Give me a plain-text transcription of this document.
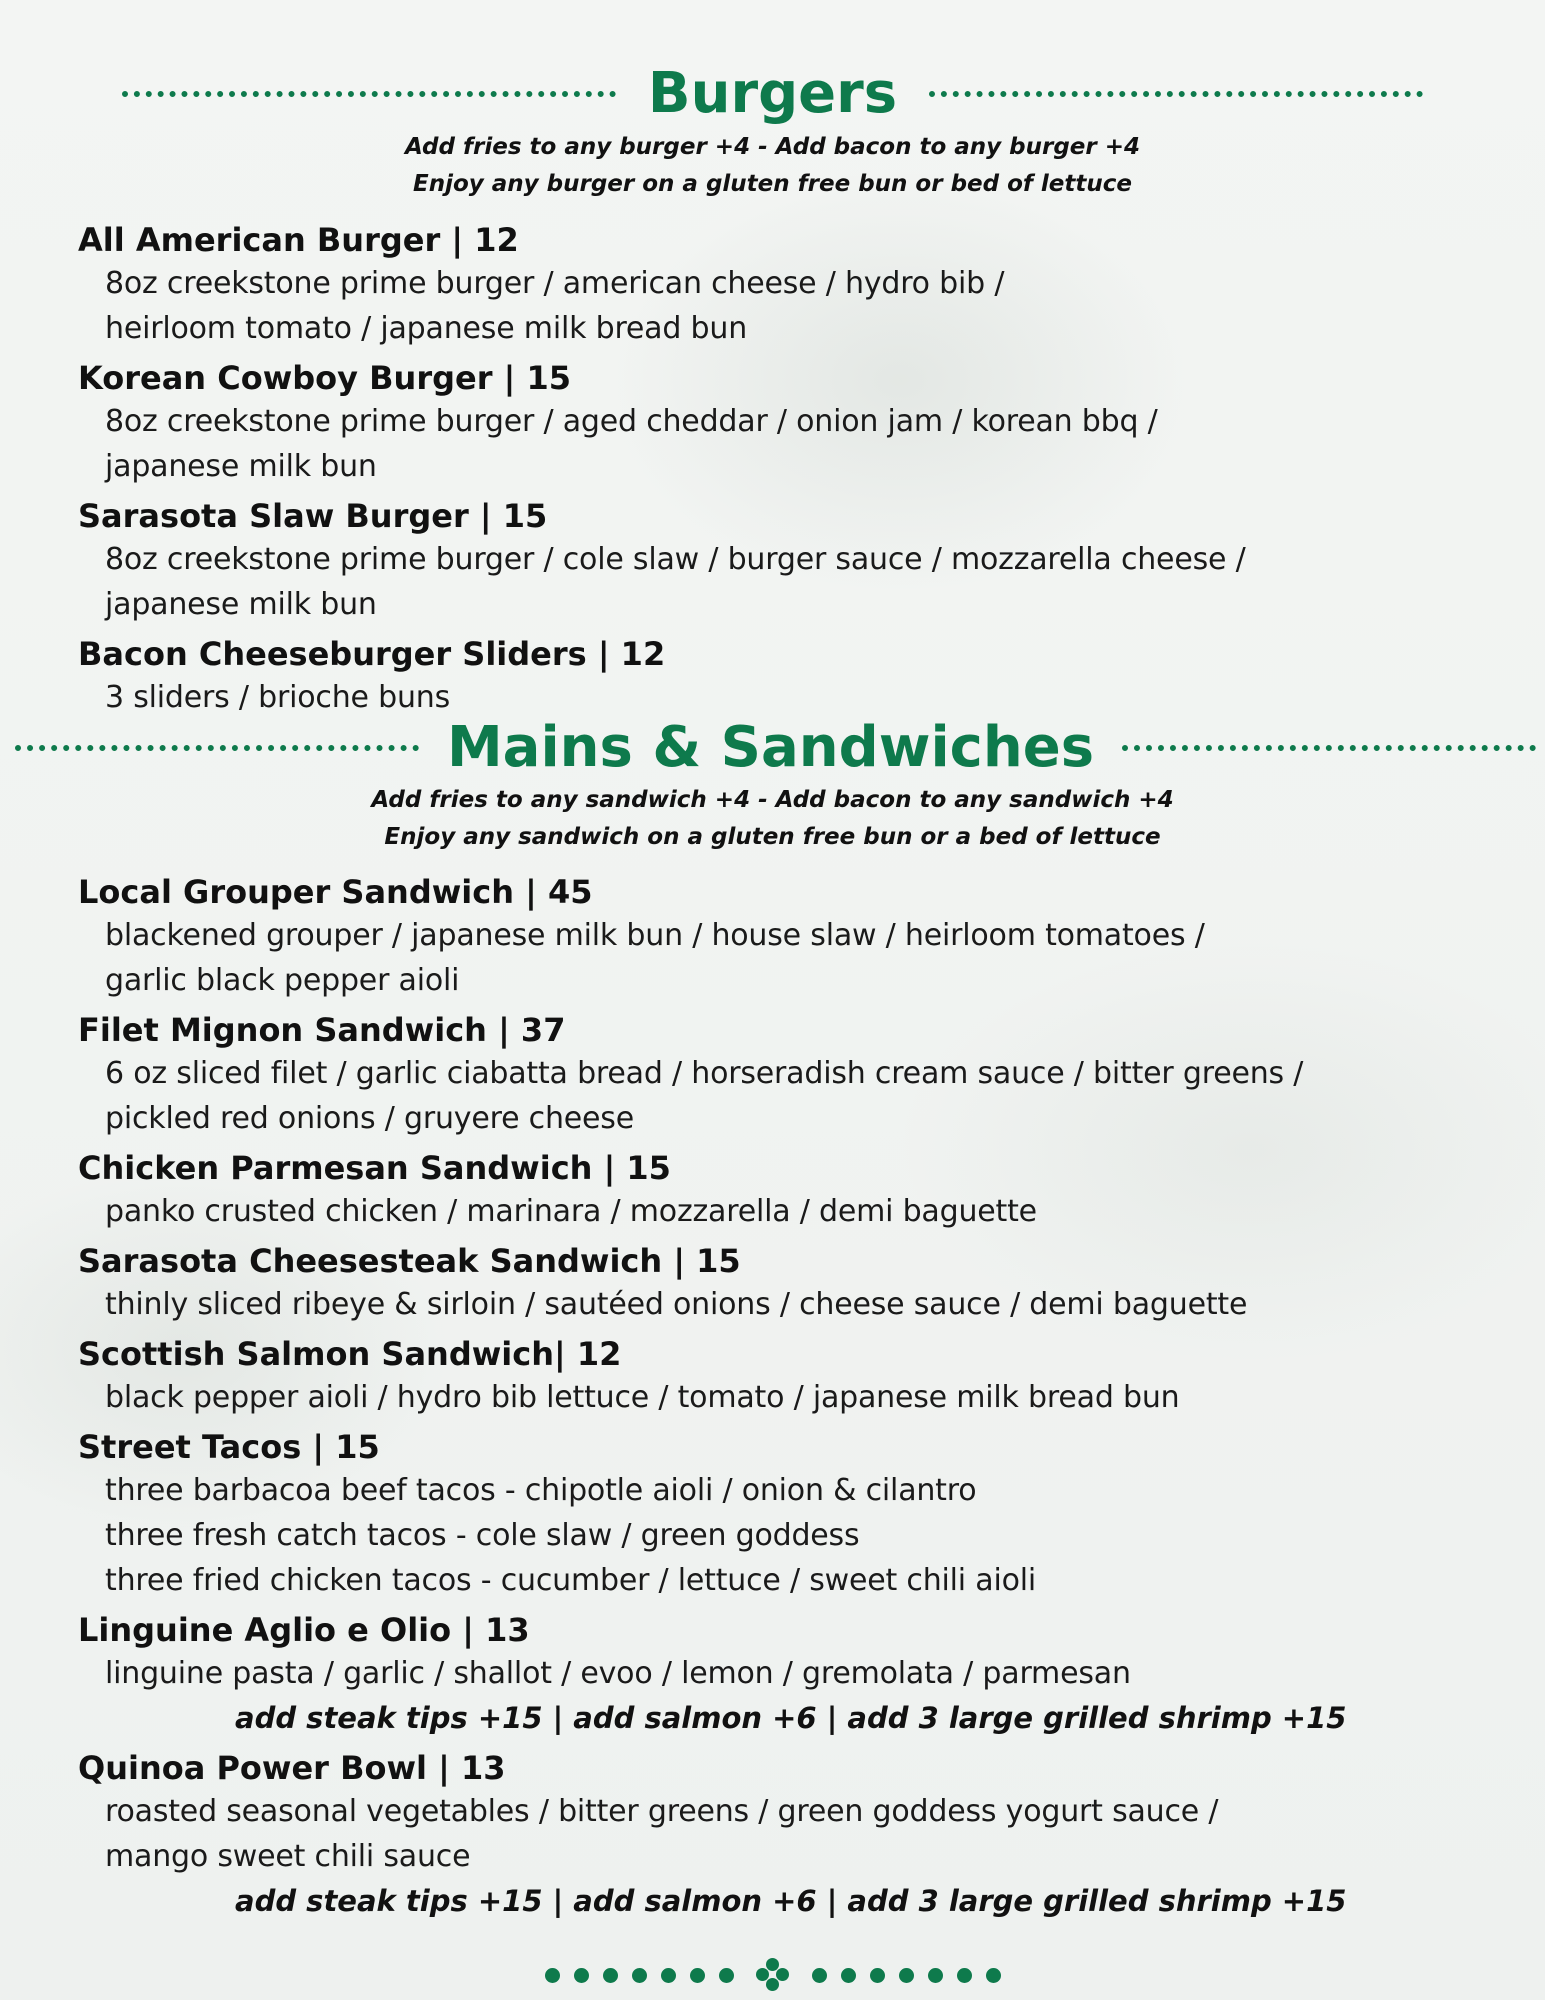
Burgers
Add fries to any burger +4 - Add bacon to any burger +4
Enjoy any burger on a gluten free bun or bed of lettuce
All American Burger | 12
8oz creekstone prime burger / american cheese / hydro bib /
heirloom tomato / japanese milk bread bun
Korean Cowboy Burger | 15
8oz creekstone prime burger / aged cheddar / onion jam / korean bbq /
japanese milk bun
Sarasota Slaw Burger | 15
8oz creekstone prime burger / cole slaw / burger sauce / mozzarella cheese /
japanese milk bun
Bacon Cheeseburger Sliders | 12
3 sliders / brioche buns
Mains & Sandwiches
Add fries to any sandwich +4 - Add bacon to any sandwich +4
Enjoy any sandwich on a gluten free bun or a bed of lettuce
Local Grouper Sandwich | 45
blackened grouper / japanese milk bun / house slaw / heirloom tomatoes /
garlic black pepper aioli
Filet Mignon Sandwich | 37
6 oz sliced filet / garlic ciabatta bread / horseradish cream sauce / bitter greens /
pickled red onions / gruyere cheese
Chicken Parmesan Sandwich | 15
panko crusted chicken / marinara / mozzarella / demi baguette
Sarasota Cheesesteak Sandwich | 15
thinly sliced ribeye & sirloin / sautéed onions / cheese sauce / demi baguette
Scottish Salmon Sandwich| 12
black pepper aioli / hydro bib lettuce / tomato / japanese milk bread bun
Street Tacos | 15
three barbacoa beef tacos - chipotle aioli / onion & cilantro
three fresh catch tacos - cole slaw / green goddess
three fried chicken tacos - cucumber / lettuce / sweet chili aioli
Linguine Aglio e Olio | 13
linguine pasta / garlic / shallot / evoo / lemon / gremolata / parmesan
add steak tips +15 | add salmon +6 | add 3 large grilled shrimp +15
Quinoa Power Bowl | 13
roasted seasonal vegetables / bitter greens / green goddess yogurt sauce /
mango sweet chili sauce
add steak tips +15 | add salmon +6 | add 3 large grilled shrimp +15
